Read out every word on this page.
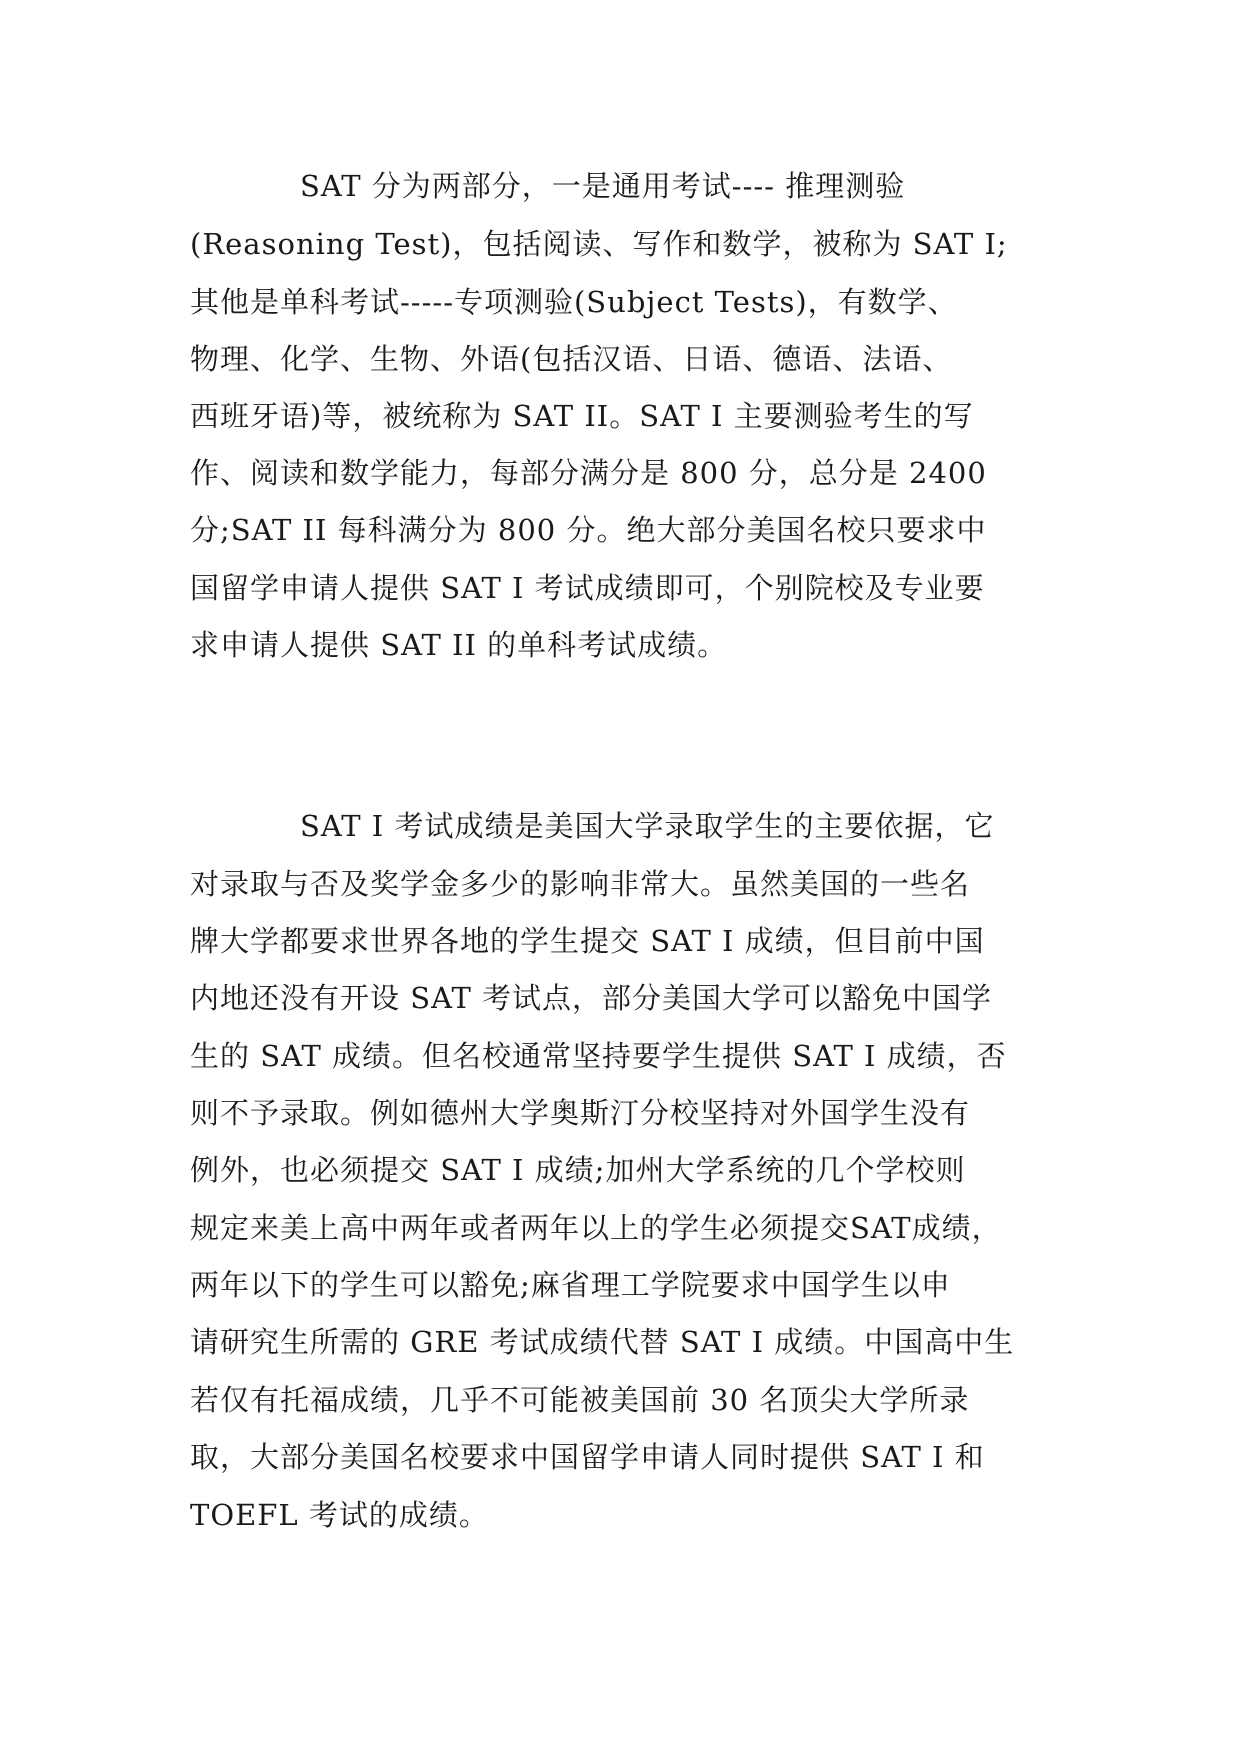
SAT 分为两部分，一是通用考试---- 推理测验
(Reasoning Test)，包括阅读、写作和数学，被称为 SAT I;
其他是单科考试-----专项测验(Subject Tests)，有数学、
物理、化学、生物、外语(包括汉语、日语、德语、法语、
西班牙语)等，被统称为 SAT II。SAT I 主要测验考生的写
作、阅读和数学能力，每部分满分是 800 分，总分是 2400
分;SAT II 每科满分为 800 分。绝大部分美国名校只要求中
国留学申请人提供 SAT I 考试成绩即可，个别院校及专业要
求申请人提供 SAT II 的单科考试成绩。
SAT I 考试成绩是美国大学录取学生的主要依据，它
对录取与否及奖学金多少的影响非常大。虽然美国的一些名
牌大学都要求世界各地的学生提交 SAT I 成绩，但目前中国
内地还没有开设 SAT 考试点，部分美国大学可以豁免中国学
生的 SAT 成绩。但名校通常坚持要学生提供 SAT I 成绩，否
则不予录取。例如德州大学奥斯汀分校坚持对外国学生没有
例外，也必须提交 SAT I 成绩;加州大学系统的几个学校则
规定来美上高中两年或者两年以上的学生必须提交SAT成绩，
两年以下的学生可以豁免;麻省理工学院要求中国学生以申
请研究生所需的 GRE 考试成绩代替 SAT I 成绩。中国高中生
若仅有托福成绩，几乎不可能被美国前 30 名顶尖大学所录
取，大部分美国名校要求中国留学申请人同时提供 SAT I 和
TOEFL 考试的成绩。
